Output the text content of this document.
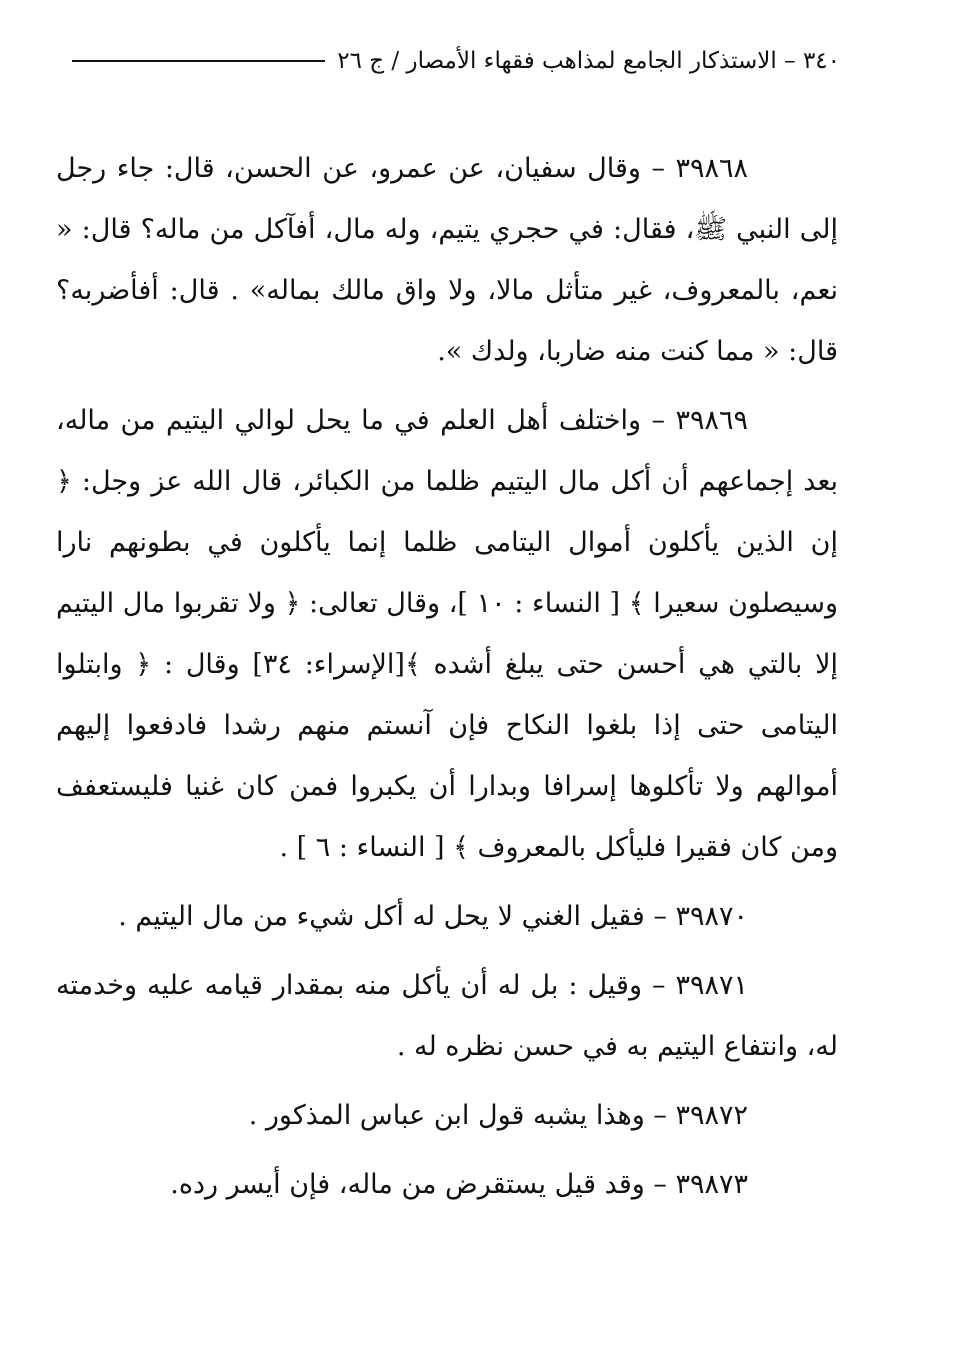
٣٤٠ – الاستذكار الجامع لمذاهب فقهاء الأمصار / ج ٢٦

٣٩٨٦٨ – وقال سفيان، عن عمرو، عن الحسن، قال: جاء رجل إلى النبي ﷺ، فقال: في حجري يتيم، وله مال، أفآكل من ماله؟ قال: « نعم، بالمعروف، غير متأثل مالا، ولا واق مالك بماله» . قال: أفأضربه؟ قال: « مما كنت منه ضاربا، ولدك ».

٣٩٨٦٩ – واختلف أهل العلم في ما يحل لوالي اليتيم من ماله، بعد إجماعهم أن أكل مال اليتيم ظلما من الكبائر، قال الله عز وجل: ﴿ إن الذين يأكلون أموال اليتامى ظلما إنما يأكلون في بطونهم نارا وسيصلون سعيرا ﴾ [ النساء : ١٠ ]، وقال تعالى: ﴿ ولا تقربوا مال اليتيم إلا بالتي هي أحسن حتى يبلغ أشده ﴾[الإسراء: ٣٤] وقال : ﴿ وابتلوا اليتامى حتى إذا بلغوا النكاح فإن آنستم منهم رشدا فادفعوا إليهم أموالهم ولا تأكلوها إسرافا وبدارا أن يكبروا فمن كان غنيا فليستعفف ومن كان فقيرا فليأكل بالمعروف ﴾ [ النساء : ٦ ] .

٣٩٨٧٠ – فقيل الغني لا يحل له أكل شيء من مال اليتيم .

٣٩٨٧١ – وقيل : بل له أن يأكل منه بمقدار قيامه عليه وخدمته له، وانتفاع اليتيم به في حسن نظره له .

٣٩٨٧٢ – وهذا يشبه قول ابن عباس المذكور .

٣٩٨٧٣ – وقد قيل يستقرض من ماله، فإن أيسر رده.
